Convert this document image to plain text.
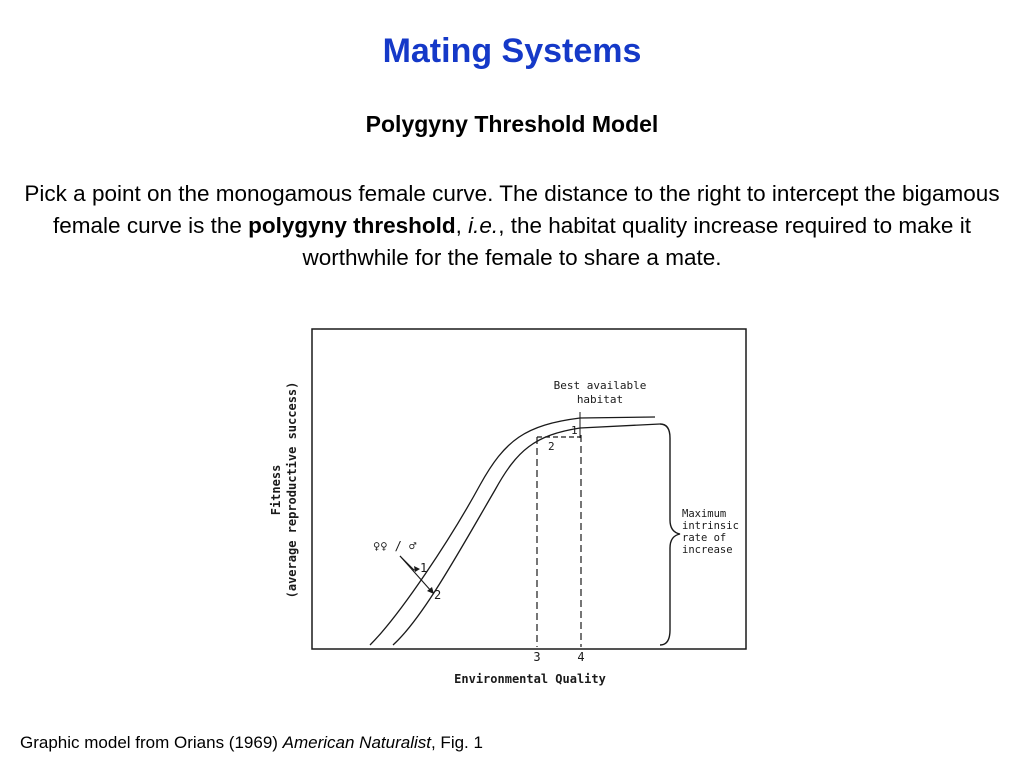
Mating Systems
Polygyny Threshold Model
Pick a point on the monogamous female curve. The distance to the right to intercept the bigamous female curve is the polygyny threshold, i.e., the habitat quality increase required to make it worthwhile for the female to share a mate.
Fitness (average reproductive success)
Environmental Quality
Best available
habitat
1
2
Maximum
intrinsic
rate of
increase
♀♀ / ♂
1
2
3	4
Graphic model from Orians (1969) American Naturalist, Fig. 1
